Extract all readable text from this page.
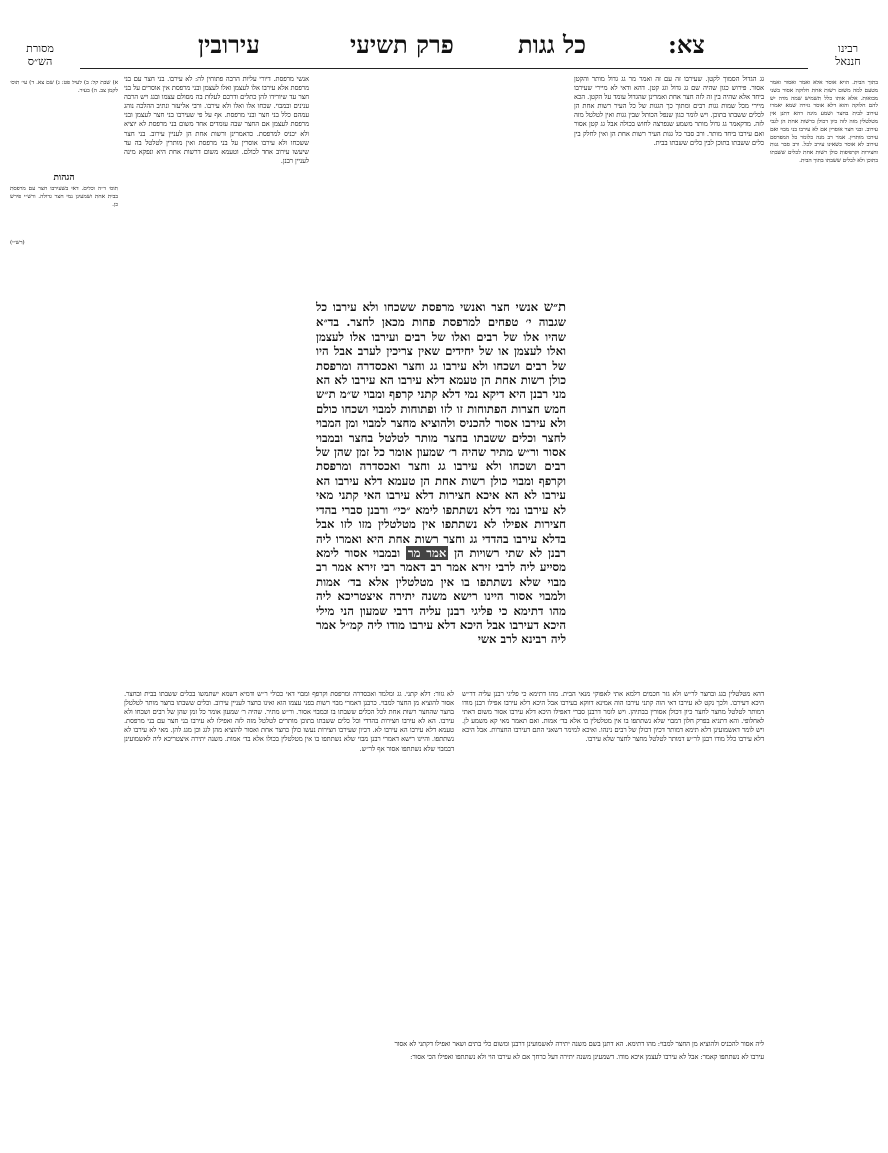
רבינו
חננאל
מסורת
הש״ס
צא:
כל גגות
פרק תשיעי
עירובין
בתוך הבית. הויא אוסר אלא ואמר ואסור ואמר מטעם למה משום רשות אחת חלוקה אסור בשני מבואות. אלא אותו כלל תשמיש שמה מדה יש להם חלוקה והוא דלא אוסר גזירה שמא יאמרו עירוב לבית בחצר ושמע מינה דהא דתנן אין מטלטלין מזה לזה כיון דכולן כרשות אחת הן לגבי עירוב. ובני חצר אוסרין אם לא עירבו בני מבוי ואם עירבו מותרין. אמר רב מנה כלומר כל המפרסם עירוב לא אוסר כשאינו עירב לכל. ורב סבר גגות וחצירות וקרפיפות כולן רשות אחת לכלים ששבתו בתוכן ולא לכלים ששבתו בתוך הבית.
א) שבת קל: ב) לעיל פט: ג) שם צא. ד) עי׳ תוס׳ לקמן צב. ה) בעיר.
הגהות
תוס׳ ד״ה וכלים. דאי בשעירבו חצר עם מרפסת בבית אחת ושמעינן נמי חצר גדולה. ורש״י פירש כן.
(רש״י)
גג הגדול הסמוך לקטן. שעירבו זה עם זה ואמר מר גג גדול מותר והקטן אסור. פירוש כגון שהיה שם גג גדול וגג קטן. דהא ודאי לא מיירי שעירבו ביחד אלא שהיה בין זה לזה חצר אחת ואמרינן שהגדול עומד על הקטן. הכא מיירי מכל שמות גגות רבים ומתוך כך הגגות של כל העיר רשות אחת הן לכלים ששבתו בתוכן. ויש לומר כגון שנפל הכותל שבין גגות ואין לטלטל מזה לזה. מדקאמר גג גדול מותר משמע שנפרצה לחוש בכולה אבל גג קטן אסור ואם עירבו ביחד מותר. ורב סבר כל גגות העיר רשות אחת הן ואין לחלק בין כלים ששבתו בתוכן לבין כלים ששבתו בבית.
אנשי מרפסת. דיורי עליות הרבה פתוחין לה: לא עירבו. בני חצר עם בני מרפסת אלא עירבו אלו לעצמן ואלו לעצמן ובני מרפסת אין אוסרים על בני חצר עד שיורידו להן כתלים ודרכם לעלות בה מסולם עצמו ובגג ויש הרבה ענינים ובמבוי. שכחו אלו ואלו ולא עירבו. ורבי אליעזר ונתיב ההלכה נוהג עמהם כלל בני חצר ובני מרפסת. אף על פי שעירבו בני חצר לעצמן ובני מרפסת לעצמן אם החצר שבה עומדים אחד משום בני מרפסת לא יוציא ולא יכניס למרפסת. כדאמרינן ורשות אחת הן לעניין עירוב. בני חצר ששכחו ולא עירבו אוסרין על בני מרפסת ואין מותרין לטלטל בה עד שיעשו עירוב אחד לכולם. וטעמא משום דרשות אחת היא ונפקא מינה לעניין רבנן.
ת״ש אנשי חצר ואנשי מרפסת ששכחו ולא עירבו כל שגבוה י׳ טפחים למרפסת פחות מכאן לחצר. בד״א שהיו אלו של רבים ואלו של רבים ועירבו אלו לעצמן ואלו לעצמן או של יחידים שאין צריכין לערב אבל היו של רבים ושכחו ולא עירבו גג וחצר ואכסדרה ומרפסת כולן רשות אחת הן טעמא דלא עירבו הא עירבו לא הא מני רבנן היא דיקא נמי דלא קתני קרפף ומבוי ש״מ ת״ש חמש חצרות הפתוחות זו לזו ופתוחות למבוי ושכחו כולם ולא עירבו אסור להכניס ולהוציא מחצר למבוי ומן המבוי לחצר וכלים ששבתו בחצר מותר לטלטל בחצר ובמבוי אסור ור״ש מתיר שהיה ר׳ שמעון אומר כל זמן שהן של רבים ושכחו ולא עירבו גג וחצר ואכסדרה ומרפסת וקרפף ומבוי כולן רשות אחת הן טעמא דלא עירבו הא עירבו לא הא איכא חצירות דלא עירבו האי קתני מאי לא עירבו נמי דלא נשתתפו לימא ״כי״ ורבנן סברי בהדי חצירות אפילו לא נשתתפו אין מטלטלין מזו לזו אבל בדלא עירבו בהדדי גג וחצר רשות אחת היא ואמרו ליה רבנן לא שתי רשויות הן אמר מר ובמבוי אסור לימא מסייע ליה לרבי זירא אמר רב דאמר רבי זירא אמר רב מבוי שלא נשתתפו בו אין מטלטלין אלא בד׳ אמות ולמבוי אסור היינו רישא משנה יתירה איצטריכא ליה מהו דתימא כי פליגי רבנן עליה דרבי שמעון הני מילי היכא דעירבו אבל היכא דלא עירבו מודו ליה קמ״ל אמר ליה רבינא לרב אשי
לא גזור: דלא קתני. גג ומלמד ואכסדרה ומרפסת וקרפף ומבוי דאי ככולי ר״ש ודמיא דשמא ישתמשו בכלים ששבתו בבית ובחצר. אסור להוציא מן החצר למבוי. כרבנן דאמרי מבוי רשות בפני עצמו הוא ואינו כחצר לעניין עירוב. וכלים ששבתו בחצר מותר לטלטלן בחצר שהחצר רשות אחת לכל הכלים ששבתו בו ובמבוי אסור. ור״ש מתיר. שהיה ר׳ שמעון אומר כל זמן שהן של רבים ושכחו ולא עירבו. הא לא עירבו חצירות בהדדי וכל כלים ששבתו בתוכן מותרים לטלטל מזה לזה ואפילו לא עירבו בני חצר עם בני מרפסת. טעמא דלא עירבו הא עירבו לא. דכיון שעירבו חצירות נעשו כולן כחצר אחת ואסור להוציא מהן לגג וכן מגג להן. מאי לא עירבו לא נשתתפו. והיינו רישא דאמרי רבנן מבוי שלא נשתתפו בו אין מטלטלין בכולו אלא בד׳ אמות. משנה יתירה איצטריכא ליה לאשמועינן דבמבוי שלא נשתתפו אסור אף לר״ש.
דהא מטלטלין בגג ובחצר לר״ש ולא גזר חכמים דלמא אתי לאפוקי מנאי הבית. מהו דתימא כי פליגי רבנן עליה דר״ש היכא דעירבו. ולכך נקט לא עירבו דאי הוה קתני עירבו הוה אמינא דווקא בעירבו אבל היכא דלא עירבו אפילו רבנן מודו דמותר לטלטל מחצר לחצר כיון דכולן אסורין בבתיהן. ויש לומר דרבנן סברי דאפילו היכא דלא עירבו אסור משום דאתי לאחלופי. והא דתניא בפרק חלון דמבוי שלא נשתתפו בו אין מטלטלין בו אלא בד׳ אמות. ואם תאמר מאי קא משמע לן. ויש לומר דאשמועינן דלא תימא דמותר דכיון דכולן של רבים נינהו. ואיכא למימר דשאני התם דעירבו החצרות. אבל היכא דלא עירבו כלל מודו רבנן לר״ש דמותר לטלטל מחצר לחצר שלא עירבו.
ליה אסור להכניס ולהוציא מן החצר למבוי: מהו דתימא. הא דתנן בשם משנה יתירה לאשמועינן דרבנן ומשום כלי בתים ושאר ואפילו דקתני לא אסור
עירבו לא נשתתפו קאמר: אבל לא עירבו לעצמן איכא מודו. דשמעינן משנה יתירה דעל כרחך אם לא עירבו הוי ולא נשתתפו ואפילו הכי אסור:
